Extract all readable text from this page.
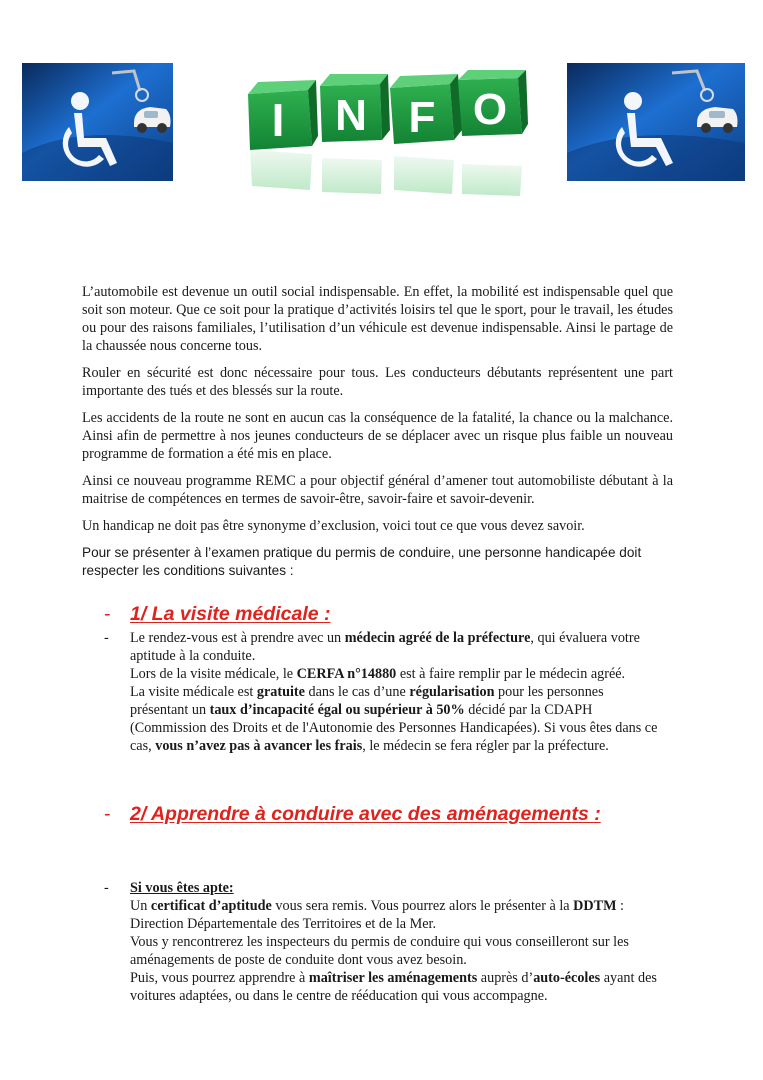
I N F O

L’automobile est devenue un outil social indispensable. En effet, la mobilité est indispensable quel que soit son moteur. Que ce soit pour la pratique d’activités loisirs tel que le sport, pour le travail, les études ou pour des raisons familiales, l’utilisation d’un véhicule est devenue indispensable. Ainsi le partage de la chaussée nous concerne tous.

Rouler en sécurité est donc nécessaire pour tous. Les conducteurs débutants représentent une part importante des tués et des blessés sur la route.

Les accidents de la route ne sont en aucun cas la conséquence de la fatalité, la chance ou la malchance. Ainsi afin de permettre à nos jeunes conducteurs de se déplacer avec un risque plus faible un nouveau programme de formation a été mis en place.

Ainsi ce nouveau programme REMC a pour objectif général d’amener tout automobiliste débutant à la maitrise de compétences en termes de savoir-être, savoir-faire et savoir-devenir.

Un handicap ne doit pas être synonyme d’exclusion, voici tout ce que vous devez savoir.

Pour se présenter à l’examen pratique du permis de conduire, une personne handicapée doit respecter les conditions suivantes :

-	1/ La visite médicale :
-	Le rendez-vous est à prendre avec un médecin agréé de la préfecture, qui évaluera votre aptitude à la conduite.

Lors de la visite médicale, le CERFA n°14880 est à faire remplir par le médecin agréé.

La visite médicale est gratuite dans le cas d’une régularisation pour les personnes présentant un taux d’incapacité égal ou supérieur à 50% décidé par la CDAPH (Commission des Droits et de l'Autonomie des Personnes Handicapées). Si vous êtes dans ce cas, vous n’avez pas à avancer les frais, le médecin se fera régler par la préfecture.

-	2/ Apprendre à conduire avec des aménagements :
-	Si vous êtes apte:

Un certificat d’aptitude vous sera remis. Vous pourrez alors le présenter à la DDTM : Direction Départementale des Territoires et de la Mer.

Vous y rencontrerez les inspecteurs du permis de conduire qui vous conseilleront sur les aménagements de poste de conduite dont vous avez besoin.

Puis, vous pourrez apprendre à maîtriser les aménagements auprès d’auto-écoles ayant des voitures adaptées, ou dans le centre de rééducation qui vous accompagne.
